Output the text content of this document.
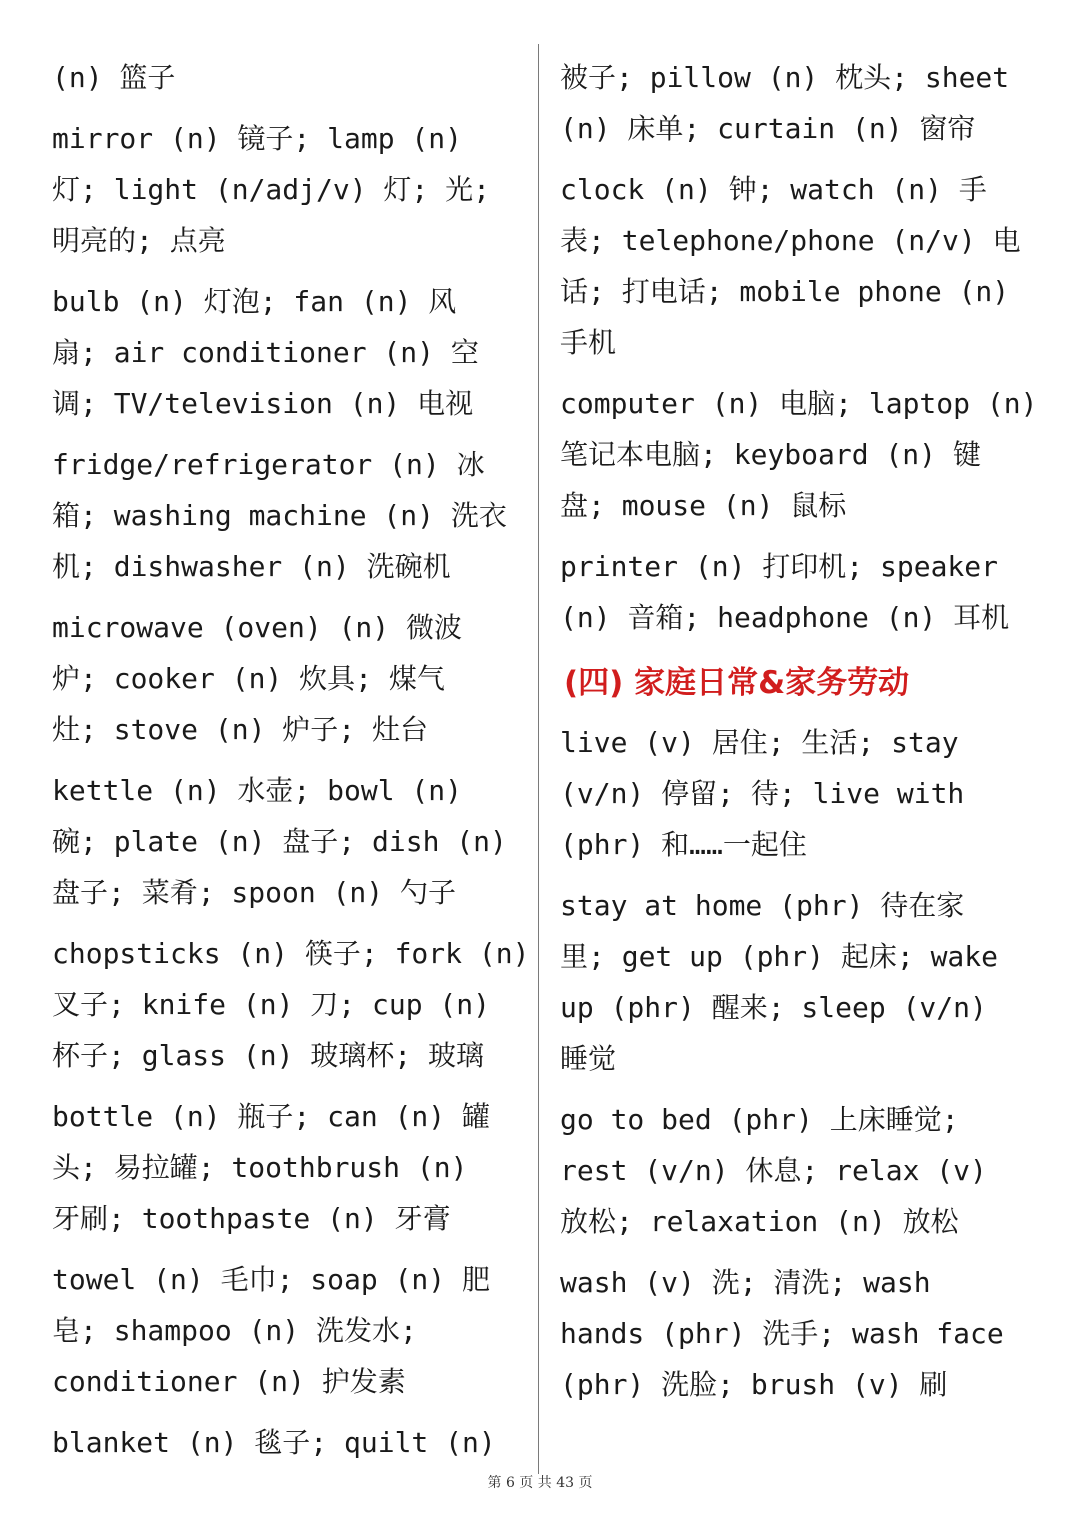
(n) 篮子
mirror (n) 镜子; lamp (n)
灯; light (n/adj/v) 灯; 光;
明亮的; 点亮
bulb (n) 灯泡; fan (n) 风
扇; air conditioner (n) 空
调; TV/television (n) 电视
fridge/refrigerator (n) 冰
箱; washing machine (n) 洗衣
机; dishwasher (n) 洗碗机
microwave (oven) (n) 微波
炉; cooker (n) 炊具; 煤气
灶; stove (n) 炉子; 灶台
kettle (n) 水壶; bowl (n)
碗; plate (n) 盘子; dish (n)
盘子; 菜肴; spoon (n) 勺子
chopsticks (n) 筷子; fork (n)
叉子; knife (n) 刀; cup (n)
杯子; glass (n) 玻璃杯; 玻璃
bottle (n) 瓶子; can (n) 罐
头; 易拉罐; toothbrush (n)
牙刷; toothpaste (n) 牙膏
towel (n) 毛巾; soap (n) 肥
皂; shampoo (n) 洗发水;
conditioner (n) 护发素
blanket (n) 毯子; quilt (n)
被子; pillow (n) 枕头; sheet
(n) 床单; curtain (n) 窗帘
clock (n) 钟; watch (n) 手
表; telephone/phone (n/v) 电
话; 打电话; mobile phone (n)
手机
computer (n) 电脑; laptop (n)
笔记本电脑; keyboard (n) 键
盘; mouse (n) 鼠标
printer (n) 打印机; speaker
(n) 音箱; headphone (n) 耳机
(四) 家庭日常&家务劳动
live (v) 居住; 生活; stay
(v/n) 停留; 待; live with
(phr) 和……一起住
stay at home (phr) 待在家
里; get up (phr) 起床; wake
up (phr) 醒来; sleep (v/n)
睡觉
go to bed (phr) 上床睡觉;
rest (v/n) 休息; relax (v)
放松; relaxation (n) 放松
wash (v) 洗; 清洗; wash
hands (phr) 洗手; wash face
(phr) 洗脸; brush (v) 刷
第 6 页 共 43 页
